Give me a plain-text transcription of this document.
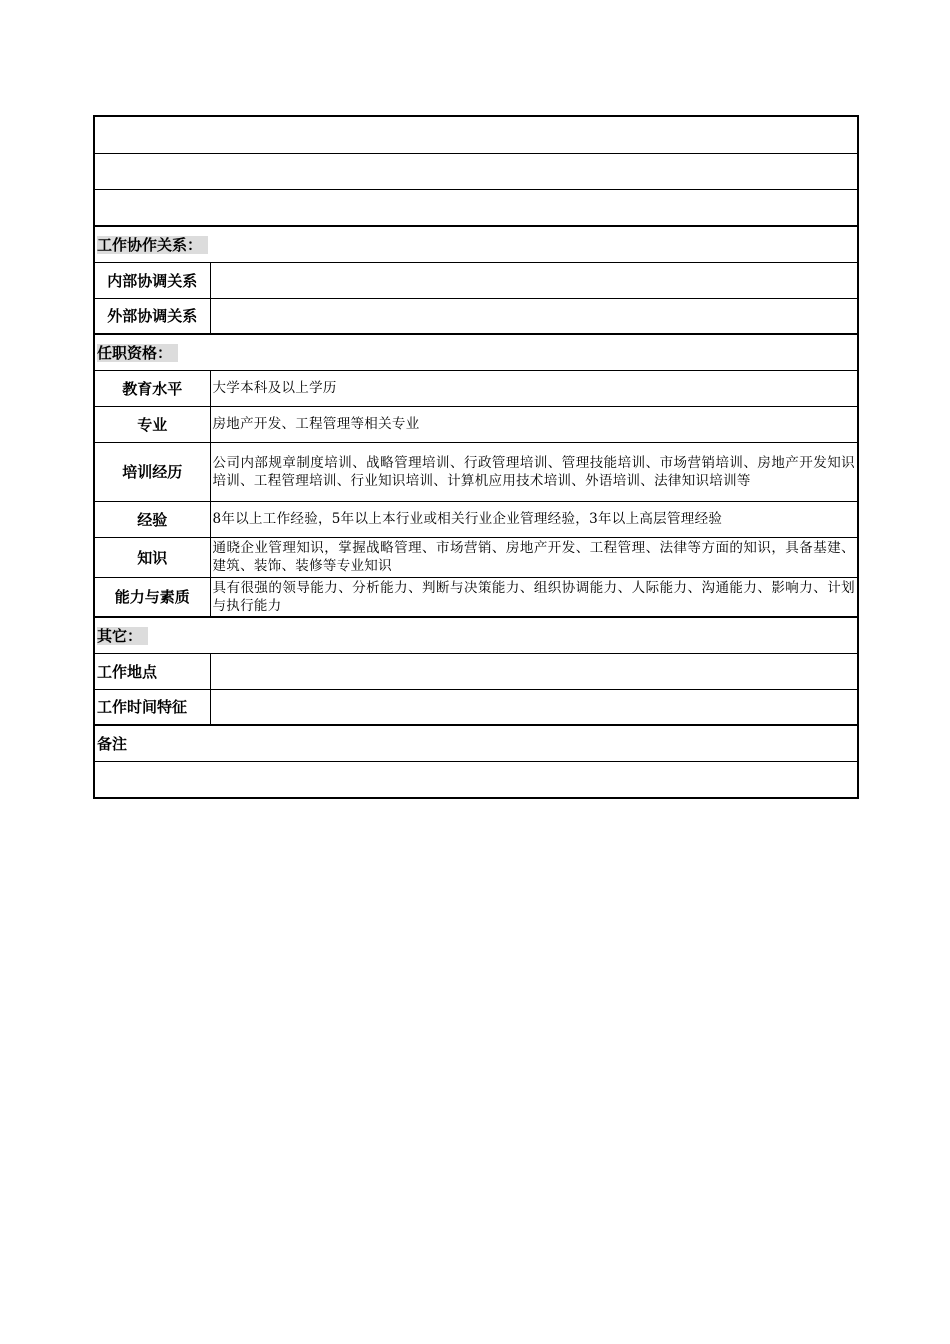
工作协作关系：	
内部协调关系	
外部协调关系	
任职资格：	
教育水平	大学本科及以上学历
专业	房地产开发、工程管理等相关专业
培训经历	公司内部规章制度培训、战略管理培训、行政管理培训、管理技能培训、市场营销培训、房地产开发知识培训、工程管理培训、行业知识培训、计算机应用技术培训、外语培训、法律知识培训等
经验	8年以上工作经验，5年以上本行业或相关行业企业管理经验，3年以上高层管理经验
知识	通晓企业管理知识，掌握战略管理、市场营销、房地产开发、工程管理、法律等方面的知识，具备基建、建筑、装饰、装修等专业知识
能力与素质	具有很强的领导能力、分析能力、判断与决策能力、组织协调能力、人际能力、沟通能力、影响力、计划与执行能力
其它：	
工作地点	
工作时间特征	
备注	
